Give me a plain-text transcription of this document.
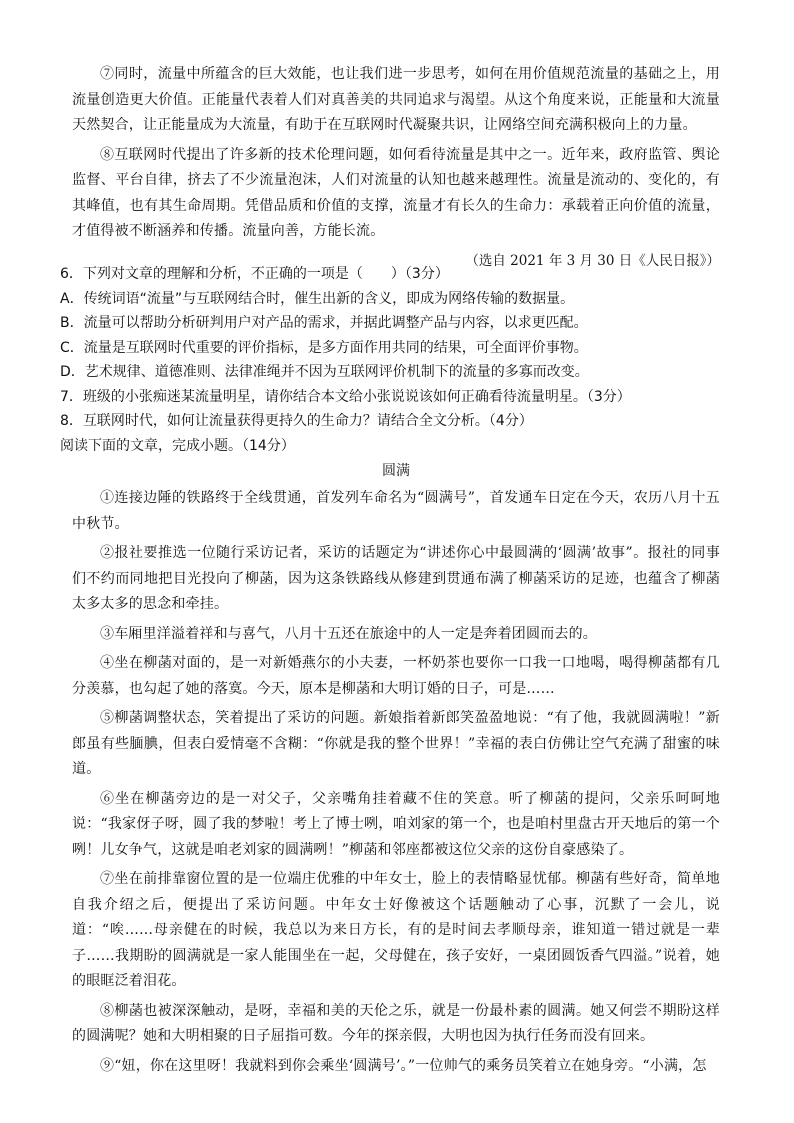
⑦同时，流量中所蕴含的巨大效能，也让我们进一步思考，如何在用价值规范流量的基础之上，用流量创造更大价值。正能量代表着人们对真善美的共同追求与渴望。从这个角度来说，正能量和大流量天然契合，让正能量成为大流量，有助于在互联网时代凝聚共识，让网络空间充满积极向上的力量。

⑧互联网时代提出了许多新的技术伦理问题，如何看待流量是其中之一。近年来，政府监管、舆论监督、平台自律，挤去了不少流量泡沫，人们对流量的认知也越来越理性。流量是流动的、变化的，有其峰值，也有其生命周期。凭借品质和价值的支撑，流量才有长久的生命力：承载着正向价值的流量，才值得被不断涵养和传播。流量向善，方能长流。

（选自 2021 年 3 月 30 日《人民日报》）

6．下列对文章的理解和分析，不正确的一项是（　　）（3分）

A．传统词语“流量”与互联网结合时，催生出新的含义，即成为网络传输的数据量。

B．流量可以帮助分析研判用户对产品的需求，并据此调整产品与内容，以求更匹配。

C．流量是互联网时代重要的评价指标，是多方面作用共同的结果，可全面评价事物。

D．艺术规律、道德准则、法律准绳并不因为互联网评价机制下的流量的多寡而改变。

7．班级的小张痴迷某流量明星，请你结合本文给小张说说该如何正确看待流量明星。（3分）

8．互联网时代，如何让流量获得更持久的生命力？请结合全文分析。（4分）

阅读下面的文章，完成小题。（14分）

圆满

①连接边陲的铁路终于全线贯通，首发列车命名为“圆满号”，首发通车日定在今天，农历八月十五中秋节。

②报社要推选一位随行采访记者，采访的话题定为“讲述你心中最圆满的‘圆满’故事”。报社的同事们不约而同地把目光投向了柳菡，因为这条铁路线从修建到贯通布满了柳菡采访的足迹，也蕴含了柳菡太多太多的思念和牵挂。

③车厢里洋溢着祥和与喜气，八月十五还在旅途中的人一定是奔着团圆而去的。

④坐在柳菡对面的，是一对新婚燕尔的小夫妻，一杯奶茶也要你一口我一口地喝，喝得柳菡都有几分羡慕，也勾起了她的落寞。今天，原本是柳菡和大明订婚的日子，可是……

⑤柳菡调整状态，笑着提出了采访的问题。新娘指着新郎笑盈盈地说：“有了他，我就圆满啦！”新郎虽有些腼腆，但表白爱情毫不含糊：“你就是我的整个世界！”幸福的表白仿佛让空气充满了甜蜜的味道。

⑥坐在柳菡旁边的是一对父子，父亲嘴角挂着藏不住的笑意。听了柳菡的提问，父亲乐呵呵地说：“我家伢子呀，圆了我的梦啦！考上了博士咧，咱刘家的第一个，也是咱村里盘古开天地后的第一个咧！儿女争气，这就是咱老刘家的圆满咧！”柳菡和邻座都被这位父亲的这份自豪感染了。

⑦坐在前排靠窗位置的是一位端庄优雅的中年女士，脸上的表情略显忧郁。柳菡有些好奇，简单地自我介绍之后，便提出了采访问题。中年女士好像被这个话题触动了心事，沉默了一会儿，说道：“唉……母亲健在的时候，我总以为来日方长，有的是时间去孝顺母亲，谁知道一错过就是一辈子……我期盼的圆满就是一家人能围坐在一起，父母健在，孩子安好，一桌团圆饭香气四溢。”说着，她的眼眶泛着泪花。

⑧柳菡也被深深触动，是呀，幸福和美的天伦之乐，就是一份最朴素的圆满。她又何尝不期盼这样的圆满呢？她和大明相聚的日子屈指可数。今年的探亲假，大明也因为执行任务而没有回来。

⑨“妞，你在这里呀！我就料到你会乘坐‘圆满号’。”一位帅气的乘务员笑着立在她身旁。“小满，怎
